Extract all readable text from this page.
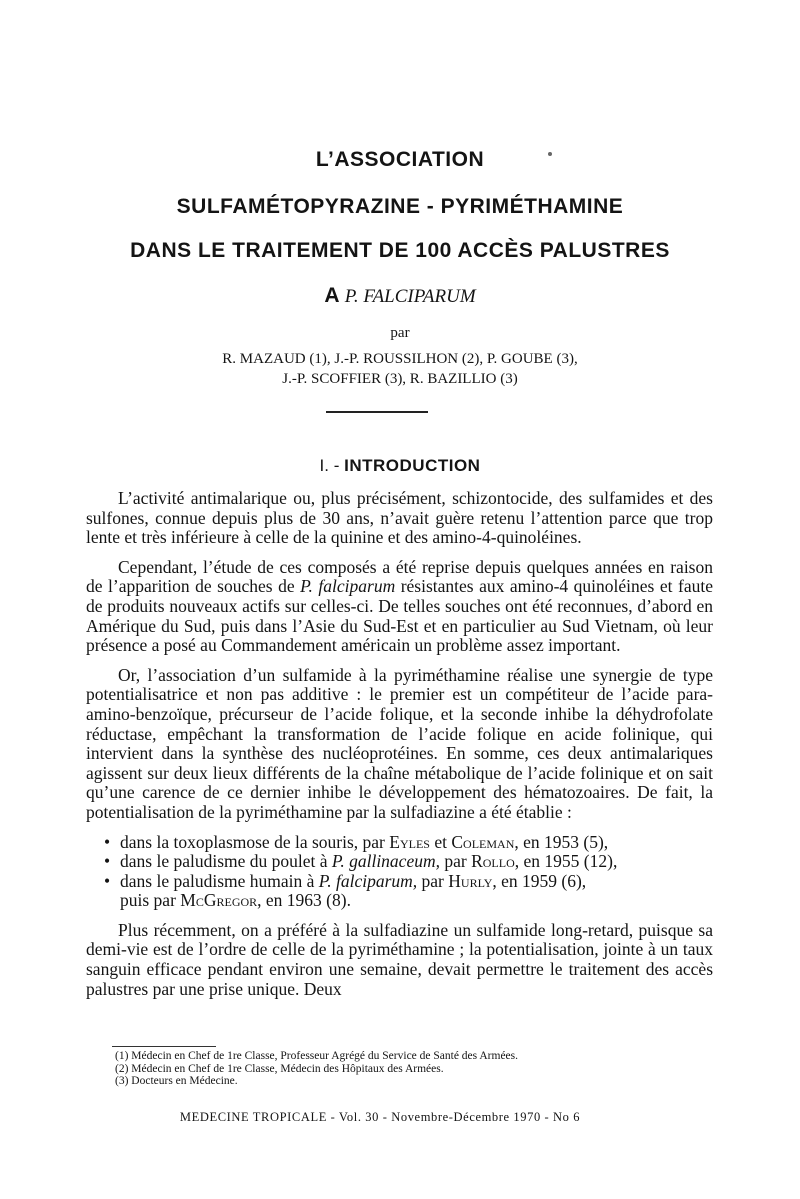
L’ASSOCIATION
SULFAMÉTOPYRAZINE - PYRIMÉTHAMINE
DANS LE TRAITEMENT DE 100 ACCÈS PALUSTRES
A P. FALCIPARUM
par
R. MAZAUD (1), J.-P. ROUSSILHON (2), P. GOUBE (3),
J.-P. SCOFFIER (3), R. BAZILLIO (3)
I. - INTRODUCTION

L’activité antimalarique ou, plus précisément, schizontocide, des sulfamides et des sulfones, connue depuis plus de 30 ans, n’avait guère retenu l’attention parce que trop lente et très inférieure à celle de la quinine et des amino-4-quinoléines.

Cependant, l’étude de ces composés a été reprise depuis quelques années en raison de l’apparition de souches de P. falciparum résistantes aux amino-4 quinoléines et faute de produits nouveaux actifs sur celles-ci. De telles souches ont été reconnues, d’abord en Amérique du Sud, puis dans l’Asie du Sud-Est et en particulier au Sud Vietnam, où leur présence a posé au Commandement américain un problème assez important.

Or, l’association d’un sulfamide à la pyriméthamine réalise une synergie de type potentialisatrice et non pas additive : le premier est un compétiteur de l’acide para-amino-benzoïque, précurseur de l’acide folique, et la seconde inhibe la déhydrofolate réductase, empêchant la transformation de l’acide folique en acide folinique, qui intervient dans la synthèse des nucléoprotéines. En somme, ces deux antimalariques agissent sur deux lieux différents de la chaîne métabolique de l’acide folinique et on sait qu’une carence de ce dernier inhibe le développement des hématozoaires. De fait, la potentialisation de la pyriméthamine par la sulfadiazine a été établie :

• dans la toxoplasmose de la souris, par Eyles et Coleman, en 1953 (5),
• dans le paludisme du poulet à P. gallinaceum, par Rollo, en 1955 (12),
• dans le paludisme humain à P. falciparum, par Hurly, en 1959 (6),
puis par McGregor, en 1963 (8).

Plus récemment, on a préféré à la sulfadiazine un sulfamide long-retard, puisque sa demi-vie est de l’ordre de celle de la pyriméthamine ; la potentialisation, jointe à un taux sanguin efficace pendant environ une semaine, devait permettre le traitement des accès palustres par une prise unique. Deux

(1) Médecin en Chef de 1re Classe, Professeur Agrégé du Service de Santé des Armées.
(2) Médecin en Chef de 1re Classe, Médecin des Hôpitaux des Armées.
(3) Docteurs en Médecine.
MEDECINE TROPICALE - Vol. 30 - Novembre-Décembre 1970 - No 6
